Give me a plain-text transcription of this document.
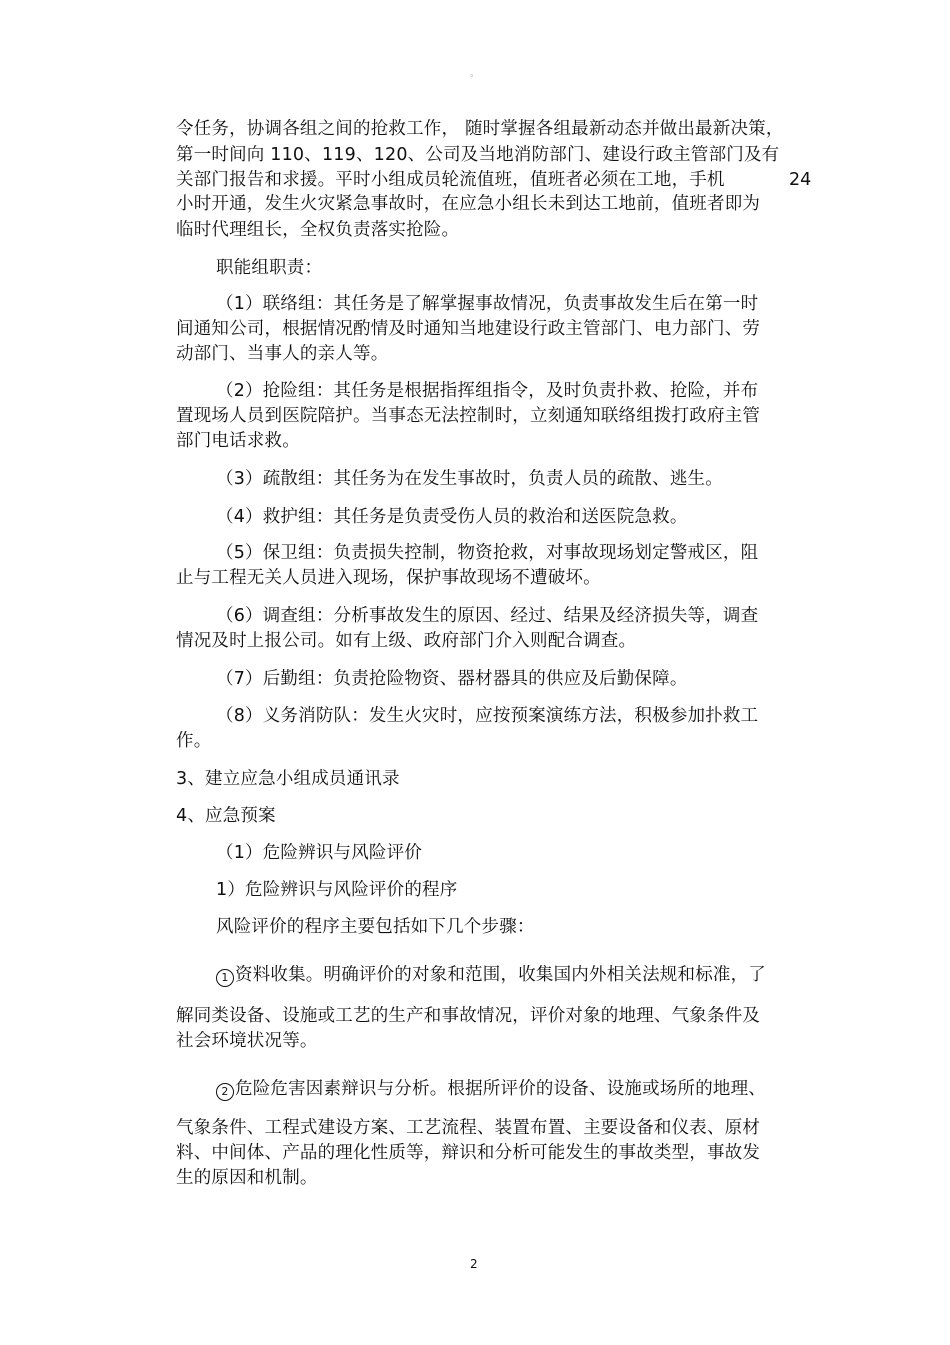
。
令任务，协调各组之间的抢救工作， 随时掌握各组最新动态并做出最新决策，
第一时间向 110、119、120、公司及当地消防部门、建设行政主管部门及有
关部门报告和求援。平时小组成员轮流值班，值班者必须在工地，手机	24
小时开通，发生火灾紧急事故时，在应急小组长未到达工地前，值班者即为
临时代理组长，全权负责落实抢险。
职能组职责：
（1）联络组：其任务是了解掌握事故情况，负责事故发生后在第一时
间通知公司，根据情况酌情及时通知当地建设行政主管部门、电力部门、劳
动部门、当事人的亲人等。
（2）抢险组：其任务是根据指挥组指令，及时负责扑救、抢险，并布
置现场人员到医院陪护。当事态无法控制时，立刻通知联络组拨打政府主管
部门电话求救。
（3）疏散组：其任务为在发生事故时，负责人员的疏散、逃生。
（4）救护组：其任务是负责受伤人员的救治和送医院急救。
（5）保卫组：负责损失控制，物资抢救，对事故现场划定警戒区，阻
止与工程无关人员进入现场，保护事故现场不遭破坏。
（6）调查组：分析事故发生的原因、经过、结果及经济损失等，调查
情况及时上报公司。如有上级、政府部门介入则配合调查。
（7）后勤组：负责抢险物资、器材器具的供应及后勤保障。
（8）义务消防队：发生火灾时，应按预案演练方法，积极参加扑救工
作。
3、建立应急小组成员通讯录
4、应急预案
（1）危险辨识与风险评价
1）危险辨识与风险评价的程序
风险评价的程序主要包括如下几个步骤：
1 资料收集。明确评价的对象和范围，收集国内外相关法规和标准，了
解同类设备、设施或工艺的生产和事故情况，评价对象的地理、气象条件及
社会环境状况等。
2 危险危害因素辩识与分析。根据所评价的设备、设施或场所的地理、
气象条件、工程式建设方案、工艺流程、装置布置、主要设备和仪表、原材
料、中间体、产品的理化性质等，辩识和分析可能发生的事故类型，事故发
生的原因和机制。
2
